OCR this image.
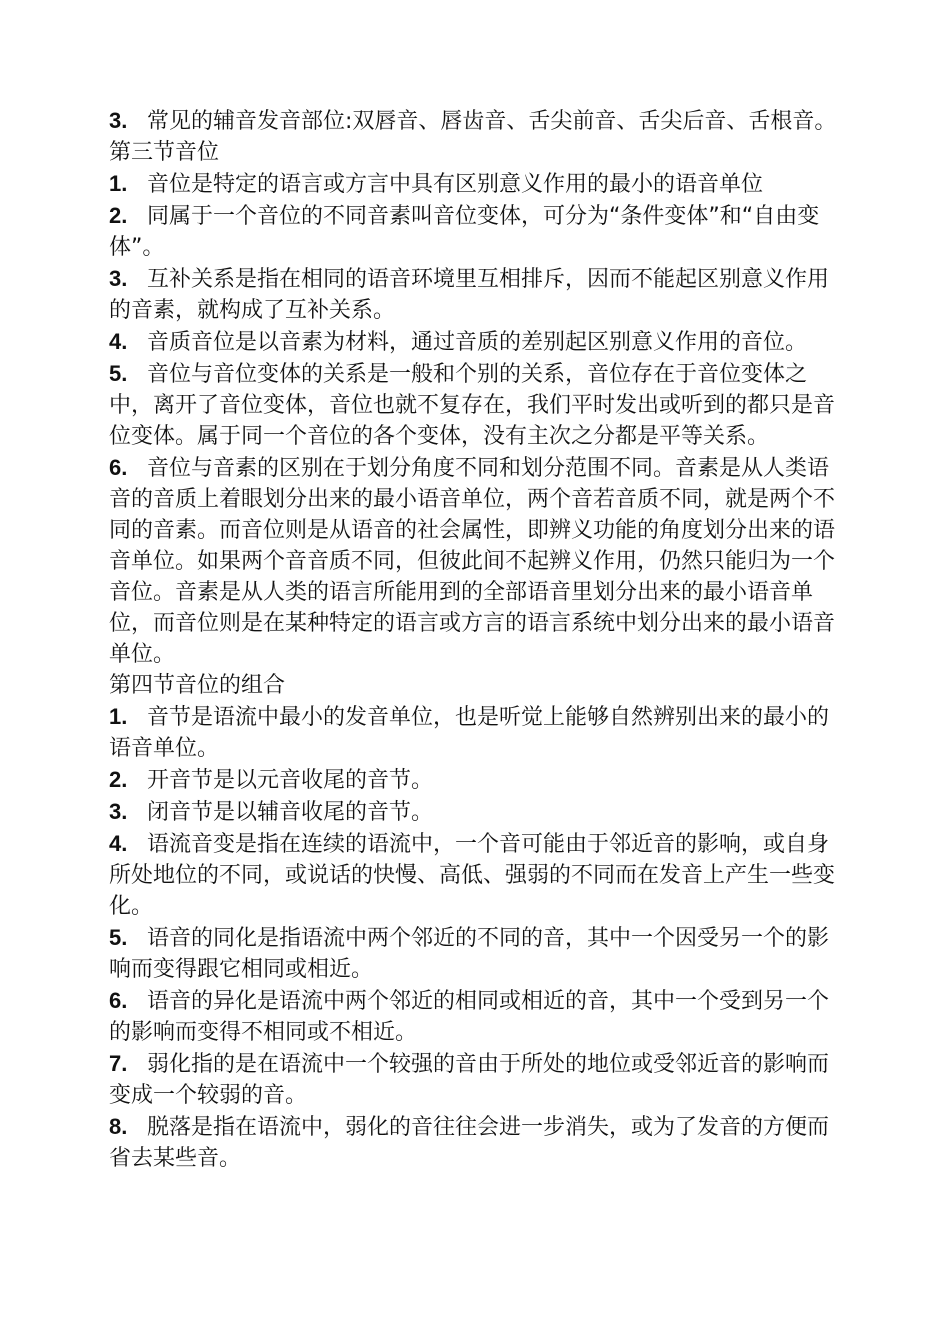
3. 常见的辅音发音部位:双唇音、唇齿音、舌尖前音、舌尖后音、舌根音。
第三节音位
1. 音位是特定的语言或方言中具有区别意义作用的最小的语音单位
2. 同属于一个音位的不同音素叫音位变体，可分为“条件变体”和“自由变体”。
3. 互补关系是指在相同的语音环境里互相排斥，因而不能起区别意义作用的音素，就构成了互补关系。
4. 音质音位是以音素为材料，通过音质的差别起区别意义作用的音位。
5. 音位与音位变体的关系是一般和个别的关系，音位存在于音位变体之中，离开了音位变体，音位也就不复存在，我们平时发出或听到的都只是音位变体。属于同一个音位的各个变体，没有主次之分都是平等关系。
6. 音位与音素的区别在于划分角度不同和划分范围不同。音素是从人类语音的音质上着眼划分出来的最小语音单位，两个音若音质不同，就是两个不同的音素。而音位则是从语音的社会属性，即辨义功能的角度划分出来的语音单位。如果两个音音质不同，但彼此间不起辨义作用，仍然只能归为一个音位。音素是从人类的语言所能用到的全部语音里划分出来的最小语音单位，而音位则是在某种特定的语言或方言的语言系统中划分出来的最小语音单位。
第四节音位的组合
1. 音节是语流中最小的发音单位，也是听觉上能够自然辨别出来的最小的语音单位。
2. 开音节是以元音收尾的音节。
3. 闭音节是以辅音收尾的音节。
4. 语流音变是指在连续的语流中，一个音可能由于邻近音的影响，或自身所处地位的不同，或说话的快慢、高低、强弱的不同而在发音上产生一些变化。
5. 语音的同化是指语流中两个邻近的不同的音，其中一个因受另一个的影响而变得跟它相同或相近。
6. 语音的异化是语流中两个邻近的相同或相近的音，其中一个受到另一个的影响而变得不相同或不相近。
7. 弱化指的是在语流中一个较强的音由于所处的地位或受邻近音的影响而变成一个较弱的音。
8. 脱落是指在语流中，弱化的音往往会进一步消失，或为了发音的方便而省去某些音。
